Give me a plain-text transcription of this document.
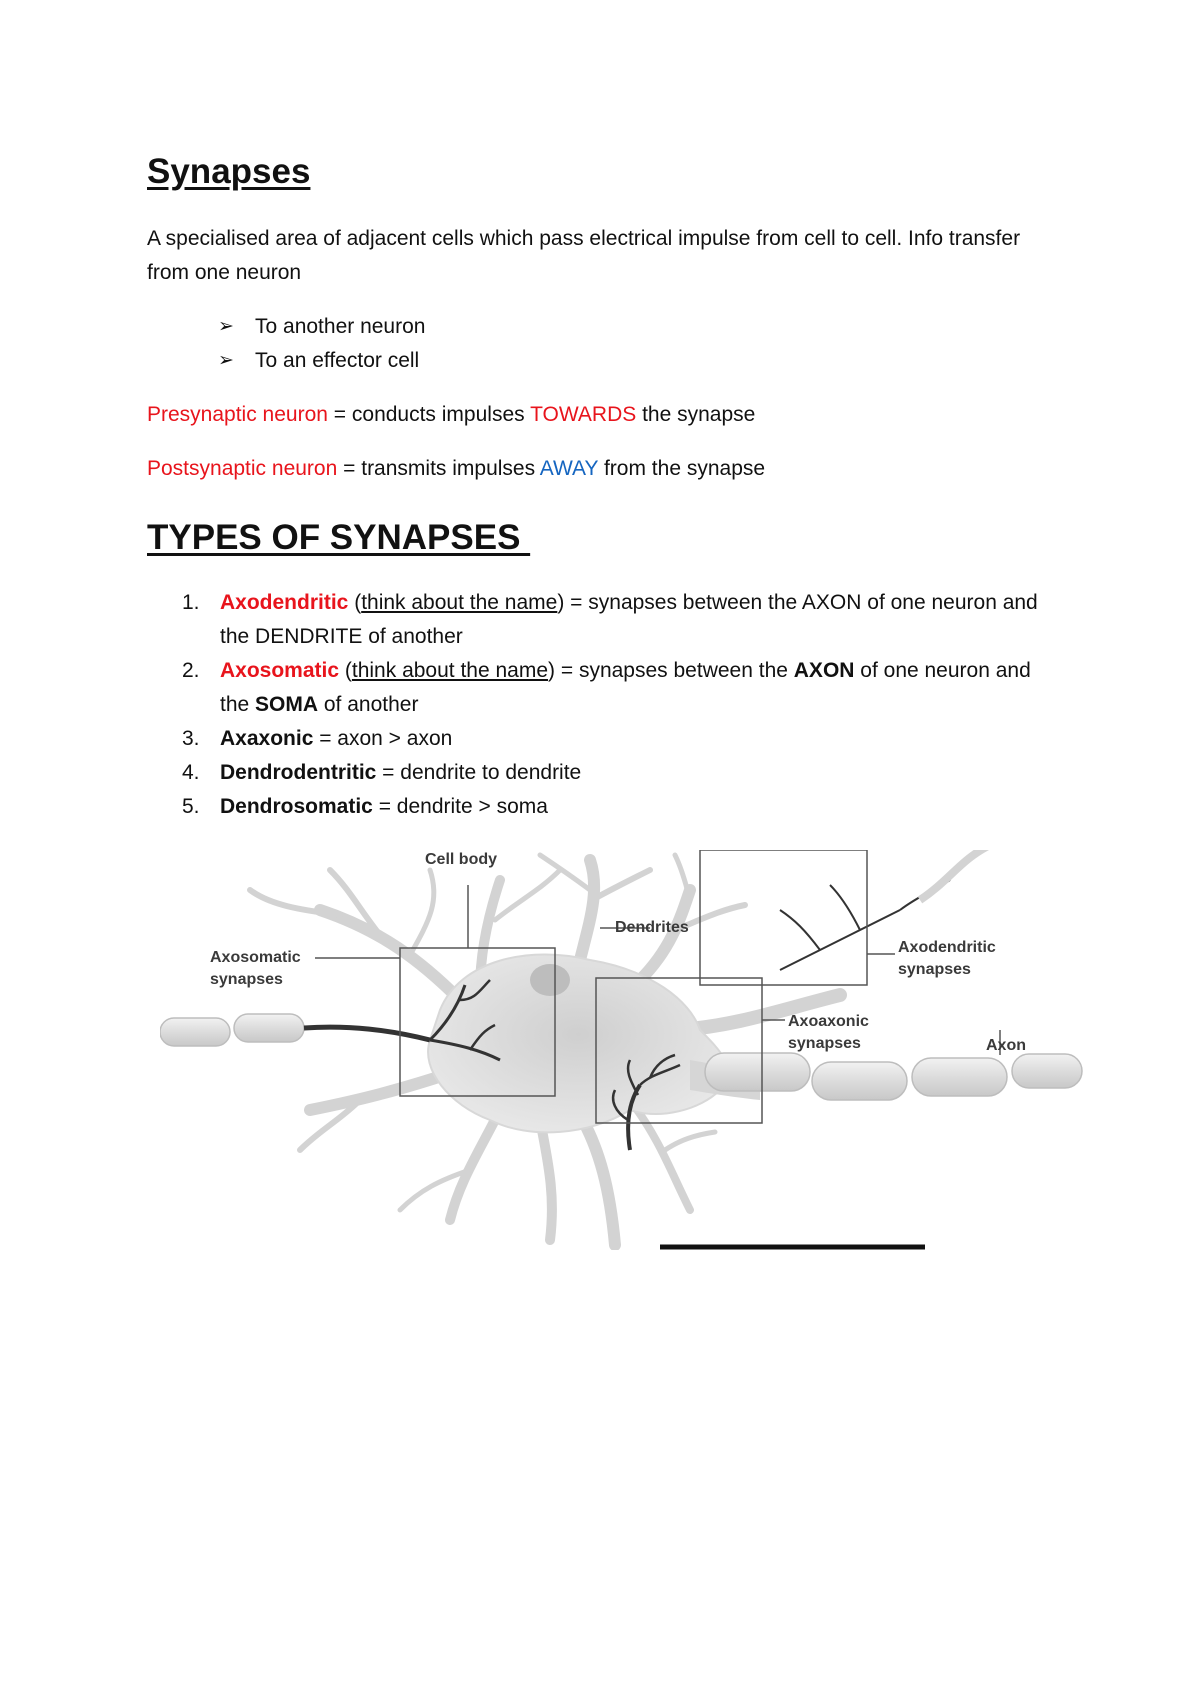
Synapses

A specialised area of adjacent cells which pass electrical impulse from cell to cell. Info transfer from one neuron

➢ To another neuron
➢ To an effector cell

Presynaptic neuron = conducts impulses TOWARDS the synapse

Postsynaptic neuron = transmits impulses AWAY from the synapse

TYPES OF SYNAPSES
1. Axodendritic (think about the name) = synapses between the AXON of one neuron and the DENDRITE of another
2. Axosomatic (think about the name) = synapses between the AXON of one neuron and the SOMA of another
3. Axaxonic = axon > axon
4. Dendrodentritic = dendrite to dendrite
5. Dendrosomatic = dendrite > soma
Cell body
Dendrites
Axosomatic
synapses
Axodendritic
synapses
Axoaxonic
synapses	Axon
